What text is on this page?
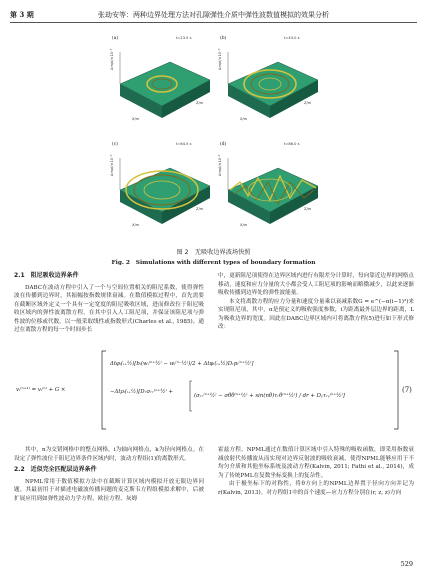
第 3 期	张劫安等：两种边界处理方法对孔隙弹性介质中弹性波数值模拟的效果分析
Ampl/×10⁻⁸
X/m
Z/m
(a)	t=23.5 s
Ampl/×10⁻⁸
X/m
Z/m
(b)	t=43.0 s
Ampl/×10⁻⁸
X/m
Z/m
(c)	t=64.5 s
Ampl/×10⁻⁸
X/m
Z/m
(d)	t=86.0 s
图 2　无吸收边界波场快照
Fig. 2　Simulations with different types of boundary formation

2.1　阻尼吸收边界条件

DABC在波动方程中引入了一个与空间位置相关的阻尼系数，使得弹性波在传播到边界时，其振幅按指数规律衰减。在数值模拟过程中，首先需要在截断区域外定义一个具有一定宽度的阻尼吸收区域，进而修改位于阻尼吸收区域内的弹性波离散方程，在其中引入人工阻尼项，并保证该阻尼项与弹性波的位移或代数，以一般采取线性或指数形式(Charles et al., 1985)。通过在离散方程的每一个时间步长

中，更新阻尼项使得在边界区域内进行有限差分计算时，每向靠近边界的网格点移动，速度和应力分量的大小都会受人工阻尼项的影响而略微减少，以此来逐渐吸收传播到边界处的弹性波能量。

本文将离散方程的应力分量和速度分量乘以衰减系数G = e^(−α(i−1)²)来实现阻尼项，其中，α是预定义的吸收强度参数，i为距离最外层边界的距离，L为吸收边界的宽度。因此在DABC边界区域内可将离散方程(5)进行如下形式修改：

vᵢ⁽ⁿ⁺¹⁾ = vᵢ⁽ⁿ⁾ + G ×
Δtφᵢ(ᵢ₊½)[bᵢ(wᵢ⁽ⁿ⁺½⁾ − wᵢ⁽ⁿ⁻½⁾)/2 + Δtφᵢ(ᵢ₊½)Dᵣpᵢ⁽ⁿ⁺½⁾]
−Δtρᵢ(ᵢ₊½)[Dᵣσᵣᵣ⁽ⁿ⁺½⁾ +
(σᵣᵣ⁽ⁿ⁺½⁾ − σθθ⁽ⁿ⁺½⁾ + sin(nθ)τᵣθ⁽ⁿ⁺½⁾) / dr + Dᵧτᵣᵧ⁽ⁿ⁺½⁾]
(7)

其中，n为交错网格中的整点网格，i为轴向网格点，k为径向网格点。在设定了弹性波位于阻尼边界条件区域内时，波动方程组(1)的离散形式。

2.2　近似完全匹配层边界条件

NPML常用于数值模拟方法中在截断计算区域内模拟开放无限边界问题。其最初用于对描述电磁波传播问题的麦克斯韦方程组模拟求解中，后被扩展应用到如弹性波动力学方程、欧拉方程、灰姆

霍兹方程。NPML通过在数值计算区域中引入特殊的吸收函数，即采用指数衰减放射代传播波从而实现对边界反射波的吸收衰减，使得NPML能够应用于不均匀介质和其他坐标系统及波动方程(Kalvin, 2011; Fathi et al., 2014)，成为了传统PML在复数坐标变换上的复杂性。

由于极坐标下的对称性，将θ方向上的NPML边界置于径向方向并记为r(Kalvin, 2013)。对方程组1中的首个速度—应力方程分别在(r, z, z)方向

529
